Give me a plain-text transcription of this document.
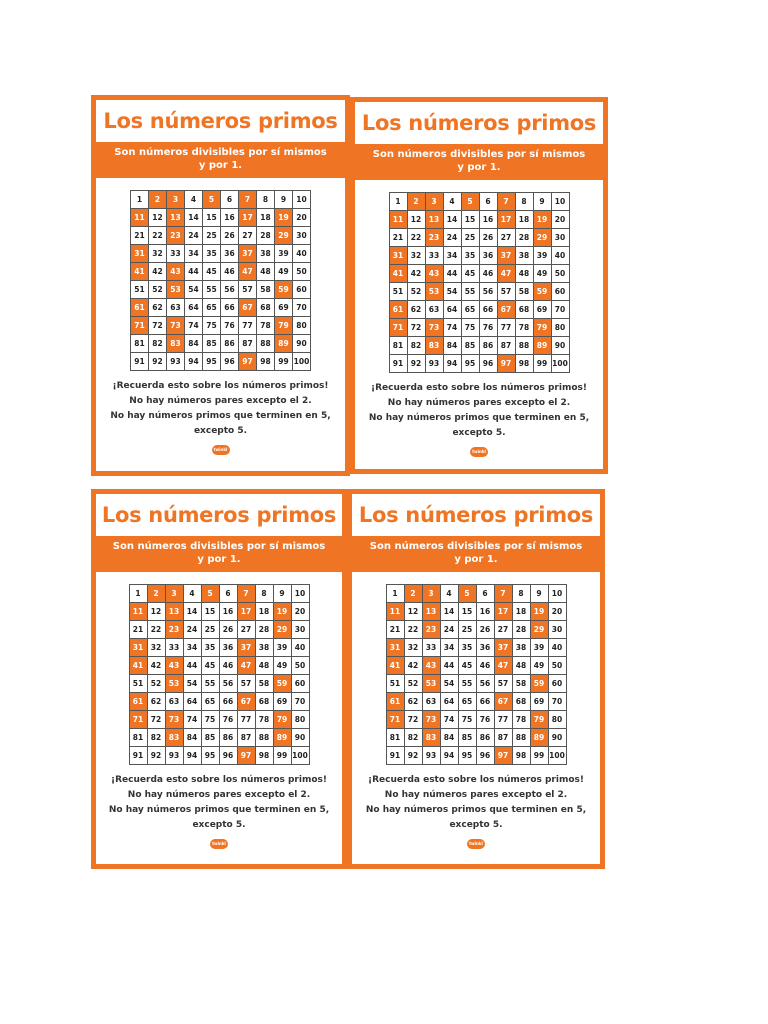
Los números primos
Son números divisibles por sí mismos
y por 1.
1	2	3	4	5	6	7	8	9	10
11	12	13	14	15	16	17	18	19	20
21	22	23	24	25	26	27	28	29	30
31	32	33	34	35	36	37	38	39	40
41	42	43	44	45	46	47	48	49	50
51	52	53	54	55	56	57	58	59	60
61	62	63	64	65	66	67	68	69	70
71	72	73	74	75	76	77	78	79	80
81	82	83	84	85	86	87	88	89	90
91	92	93	94	95	96	97	98	99	100
¡Recuerda esto sobre los números primos!
No hay números pares excepto el 2.
No hay números primos que terminen en 5,
excepto 5.
twinkl
Los números primos
Son números divisibles por sí mismos
y por 1.
1	2	3	4	5	6	7	8	9	10
11	12	13	14	15	16	17	18	19	20
21	22	23	24	25	26	27	28	29	30
31	32	33	34	35	36	37	38	39	40
41	42	43	44	45	46	47	48	49	50
51	52	53	54	55	56	57	58	59	60
61	62	63	64	65	66	67	68	69	70
71	72	73	74	75	76	77	78	79	80
81	82	83	84	85	86	87	88	89	90
91	92	93	94	95	96	97	98	99	100
¡Recuerda esto sobre los números primos!
No hay números pares excepto el 2.
No hay números primos que terminen en 5,
excepto 5.
twinkl
Los números primos
Son números divisibles por sí mismos
y por 1.
1	2	3	4	5	6	7	8	9	10
11	12	13	14	15	16	17	18	19	20
21	22	23	24	25	26	27	28	29	30
31	32	33	34	35	36	37	38	39	40
41	42	43	44	45	46	47	48	49	50
51	52	53	54	55	56	57	58	59	60
61	62	63	64	65	66	67	68	69	70
71	72	73	74	75	76	77	78	79	80
81	82	83	84	85	86	87	88	89	90
91	92	93	94	95	96	97	98	99	100
¡Recuerda esto sobre los números primos!
No hay números pares excepto el 2.
No hay números primos que terminen en 5,
excepto 5.
twinkl
Los números primos
Son números divisibles por sí mismos
y por 1.
1	2	3	4	5	6	7	8	9	10
11	12	13	14	15	16	17	18	19	20
21	22	23	24	25	26	27	28	29	30
31	32	33	34	35	36	37	38	39	40
41	42	43	44	45	46	47	48	49	50
51	52	53	54	55	56	57	58	59	60
61	62	63	64	65	66	67	68	69	70
71	72	73	74	75	76	77	78	79	80
81	82	83	84	85	86	87	88	89	90
91	92	93	94	95	96	97	98	99	100
¡Recuerda esto sobre los números primos!
No hay números pares excepto el 2.
No hay números primos que terminen en 5,
excepto 5.
twinkl
